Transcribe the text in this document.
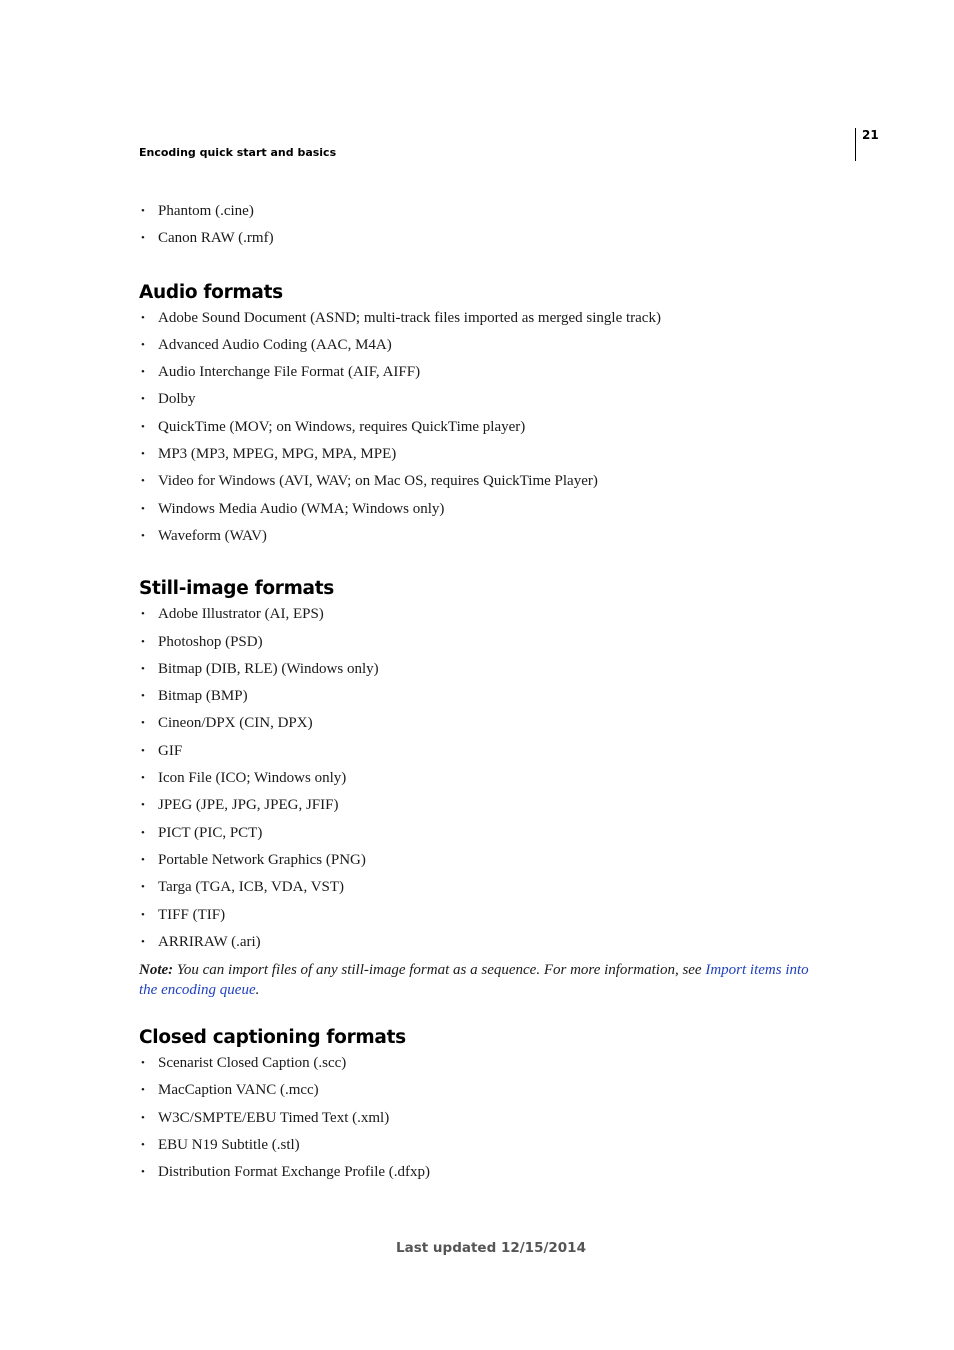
21
Encoding quick start and basics
• Phantom (.cine)
• Canon RAW (.rmf)
Audio formats
• Adobe Sound Document (ASND; multi-track files imported as merged single track)
• Advanced Audio Coding (AAC, M4A)
• Audio Interchange File Format (AIF, AIFF)
• Dolby
• QuickTime (MOV; on Windows, requires QuickTime player)
• MP3 (MP3, MPEG, MPG, MPA, MPE)
• Video for Windows (AVI, WAV; on Mac OS, requires QuickTime Player)
• Windows Media Audio (WMA; Windows only)
• Waveform (WAV)
Still-image formats
• Adobe Illustrator (AI, EPS)
• Photoshop (PSD)
• Bitmap (DIB, RLE) (Windows only)
• Bitmap (BMP)
• Cineon/DPX (CIN, DPX)
• GIF
• Icon File (ICO; Windows only)
• JPEG (JPE, JPG, JPEG, JFIF)
• PICT (PIC, PCT)
• Portable Network Graphics (PNG)
• Targa (TGA, ICB, VDA, VST)
• TIFF (TIF)
• ARRIRAW (.ari)

Note: You can import files of any still-image format as a sequence. For more information, see Import items into the encoding queue.

Closed captioning formats
• Scenarist Closed Caption (.scc)
• MacCaption VANC (.mcc)
• W3C/SMPTE/EBU Timed Text (.xml)
• EBU N19 Subtitle (.stl)
• Distribution Format Exchange Profile (.dfxp)
Last updated 12/15/2014
